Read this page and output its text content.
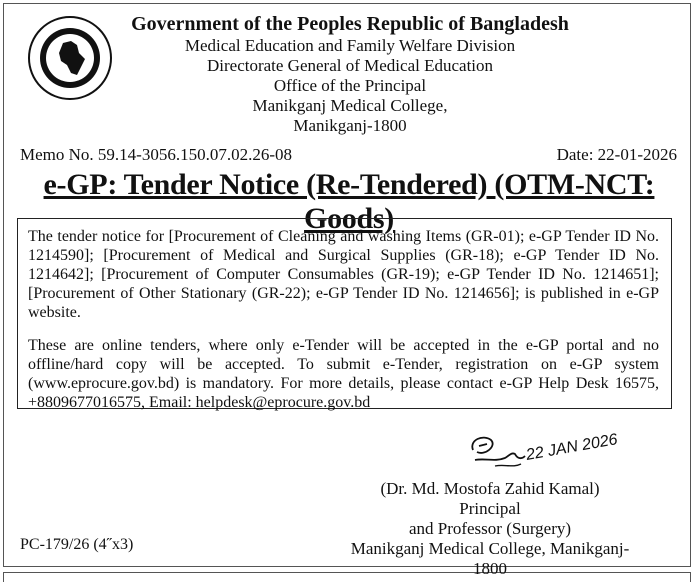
Government of the Peoples Republic of Bangladesh
Medical Education and Family Welfare Division
Directorate General of Medical Education
Office of the Principal
Manikganj Medical College,
Manikganj-1800
Memo No. 59.14-3056.150.07.02.26-08	Date: 22-01-2026
e-GP: Tender Notice (Re-Tendered) (OTM-NCT: Goods)

The tender notice for [Procurement of Cleaning and washing Items (GR-01); e-GP Tender ID No. 1214590]; [Procurement of Medical and Surgical Supplies (GR-18); e-GP Tender ID No. 1214642]; [Procurement of Computer Consumables (GR-19); e-GP Tender ID No. 1214651]; [Procurement of Other Stationary (GR-22); e-GP Tender ID No. 1214656]; is published in e-GP website.

These are online tenders, where only e-Tender will be accepted in the e-GP portal and no offline/hard copy will be accepted. To submit e-Tender, registration on e-GP system (www.eprocure.gov.bd) is mandatory. For more details, please contact e-GP Help Desk 16575, +8809677016575, Email: helpdesk@eprocure.gov.bd

22 JAN 2026
(Dr. Md. Mostofa Zahid Kamal)
Principal
and Professor (Surgery)
Manikganj Medical College, Manikganj-1800
PC-179/26 (4˝x3)
